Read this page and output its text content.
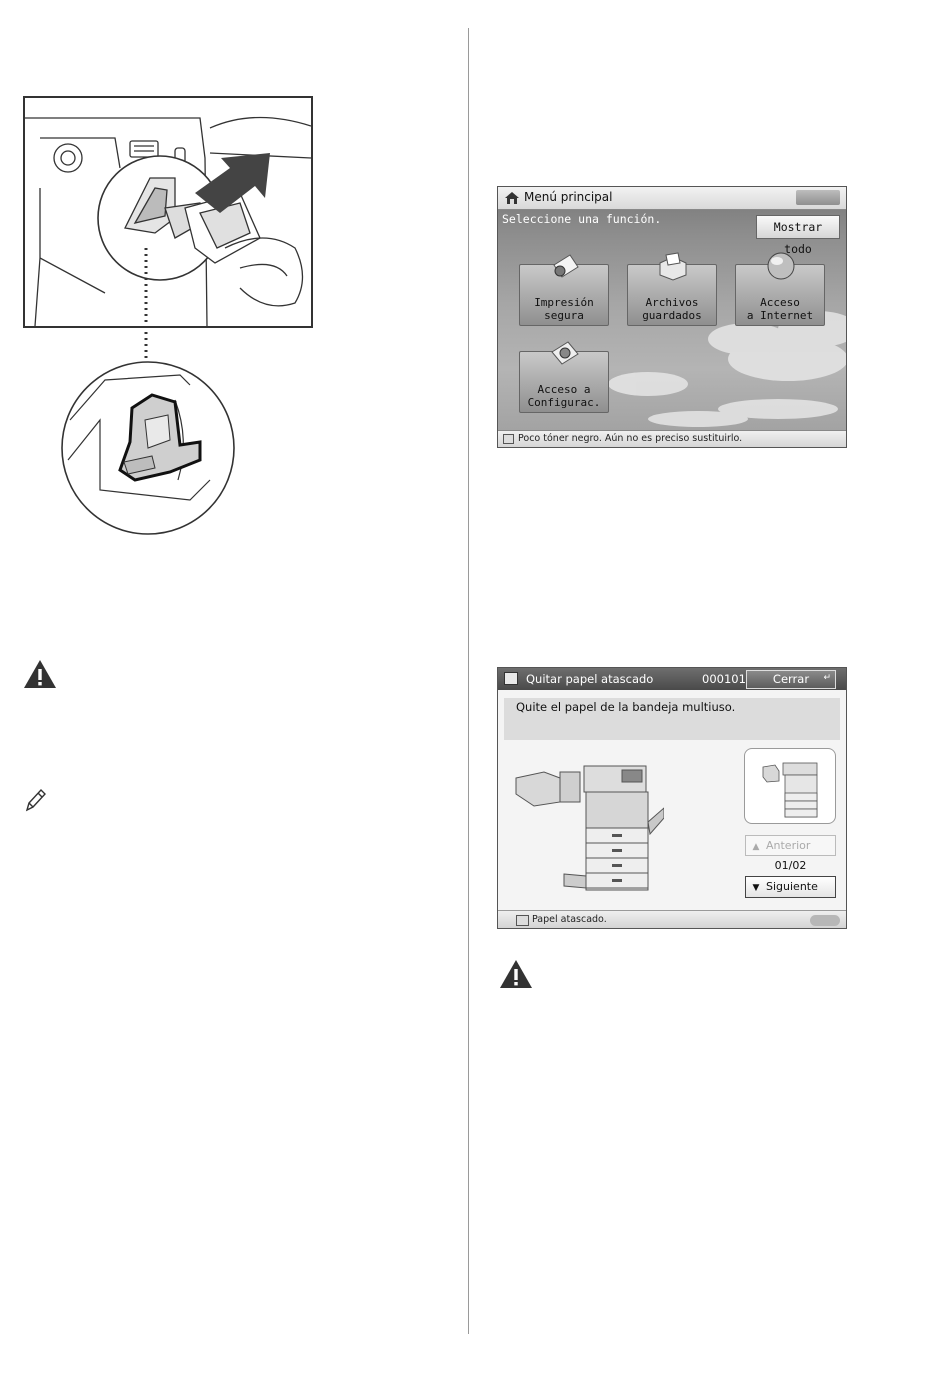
Menú principal
Seleccione una función.
Mostrar todo
Impresión
segura
Archivos
guardados
Acceso
a Internet
Acceso a
Configurac.
Poco tóner negro. Aún no es preciso sustituirlo.
Quitar papel atascado	000101	Cerrar ↵
Quite el papel de la bandeja multiuso.
▲ Anterior
01/02
▼ Siguiente
Papel atascado.
